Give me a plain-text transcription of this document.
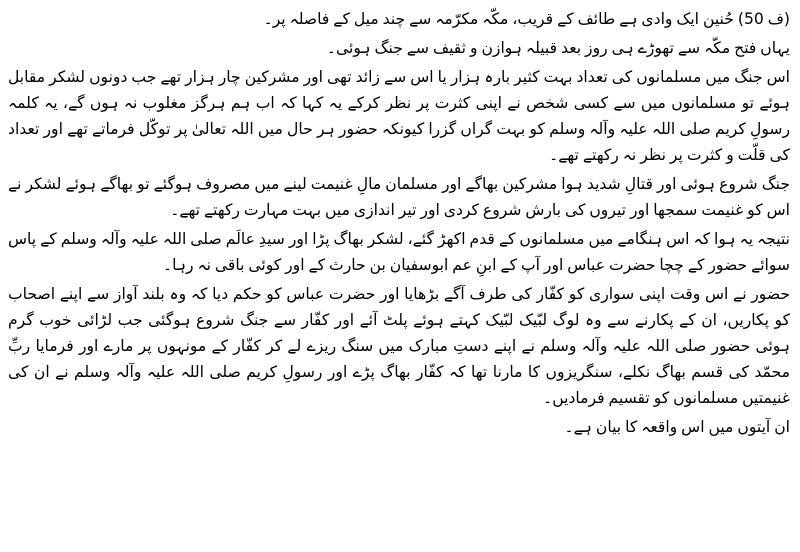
(ف 50) حُنین ایک وادی ہے طائف کے قریب، مکّہ مکرّمہ سے چند میل کے فاصلہ پر۔

یہاں فتح مکّہ سے تھوڑے ہی روز بعد قبیلہ ہوازن و ثقیف سے جنگ ہوئی۔

اس جنگ میں مسلمانوں کی تعداد بہت کثیر بارہ ہزار یا اس سے زائد تھی اور مشرکین چار ہزار تھے جب دونوں لشکر مقابل ہوئے تو مسلمانوں میں سے کسی شخص نے اپنی کثرت پر نظر کرکے یہ کہا کہ اب ہم ہرگز مغلوب نہ ہوں گے، یہ کلمہ رسولِ کریم صلی اللہ علیہ وآلہ وسلم کو بہت گراں گزرا کیونکہ حضور ہر حال میں اللہ تعالیٰ پر توکّل فرماتے تھے اور تعداد کی قلّت و کثرت پر نظر نہ رکھتے تھے۔

جنگ شروع ہوئی اور قتالِ شدید ہوا مشرکین بھاگے اور مسلمان مالِ غنیمت لینے میں مصروف ہوگئے تو بھاگے ہوئے لشکر نے اس کو غنیمت سمجھا اور تیروں کی بارش شروع کردی اور تیر اندازی میں بہت مہارت رکھتے تھے۔

نتیجہ یہ ہوا کہ اس ہنگامے میں مسلمانوں کے قدم اکھڑ گئے، لشکر بھاگ پڑا اور سیدِ عالَم صلی اللہ علیہ وآلہ وسلم کے پاس سوائے حضور کے چچا حضرت عباس اور آپ کے ابنِ عم ابوسفیان بن حارث کے اور کوئی باقی نہ رہا۔

حضور نے اس وقت اپنی سواری کو کفّار کی طرف آگے بڑھایا اور حضرت عباس کو حکم دیا کہ وہ بلند آواز سے اپنے اصحاب کو پکاریں، ان کے پکارنے سے وہ لوگ لبّیک لبّیک کہتے ہوئے پلٹ آئے اور کفّار سے جنگ شروع ہوگئی جب لڑائی خوب گرم ہوئی حضور صلی اللہ علیہ وآلہ وسلم نے اپنے دستِ مبارک میں سنگ ریزے لے کر کفّار کے مونہوں پر مارے اور فرمایا ربِّ محمّد کی قسم بھاگ نکلے، سنگریزوں کا مارنا تھا کہ کفّار بھاگ پڑے اور رسولِ کریم صلی اللہ علیہ وآلہ وسلم نے ان کی غنیمتیں مسلمانوں کو تقسیم فرمادیں۔

ان آیتوں میں اس واقعہ کا بیان ہے۔
